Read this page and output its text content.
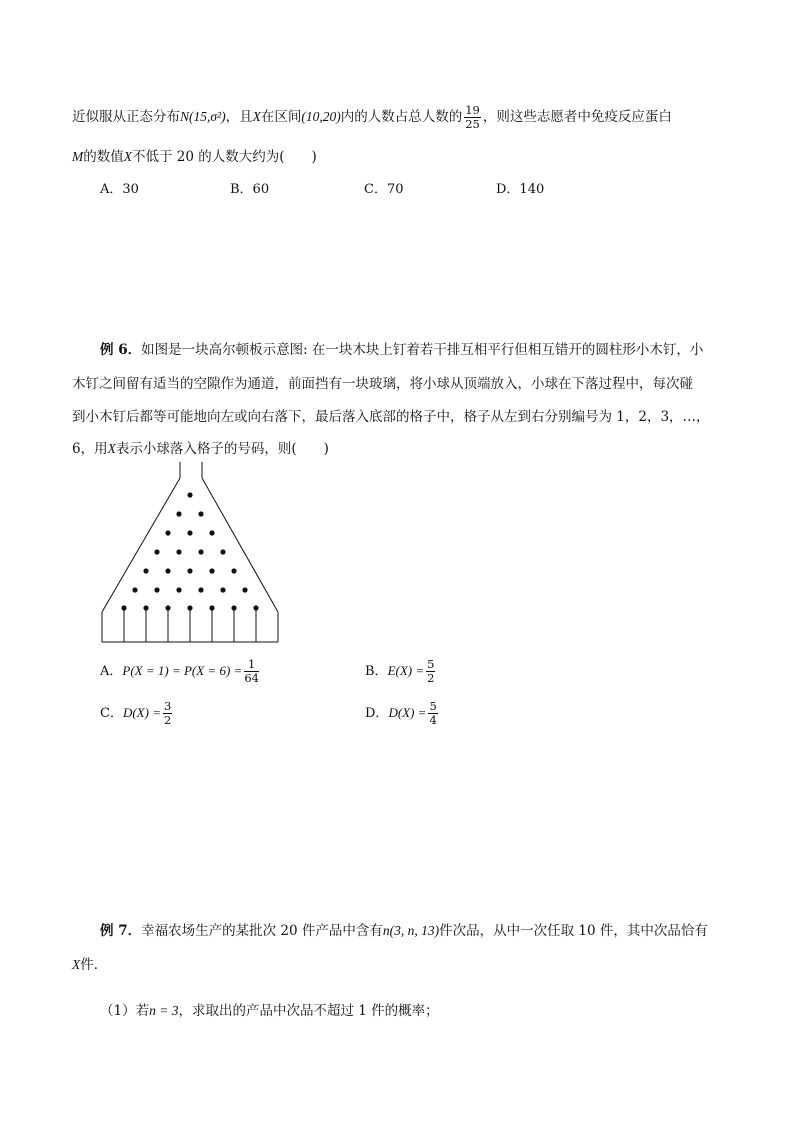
近似服从正态分布N(15,σ²)，且X在区间(10,20)内的人数占总人数的 $\frac{19}{25}$ ，则这些志愿者中免疫反应蛋白
M的数值X不低于 20 的人数大约为(　　)
A．30	B．60	C．70	D．140
例 6．如图是一块高尔顿板示意图: 在一块木块上钉着若干排互相平行但相互错开的圆柱形小木钉，小
木钉之间留有适当的空隙作为通道，前面挡有一块玻璃，将小球从顶端放入，小球在下落过程中，每次碰
到小木钉后都等可能地向左或向右落下，最后落入底部的格子中，格子从左到右分别编号为 1，2，3，…，
6，用X表示小球落入格子的号码，则(　　)
A．$P(X = 1) = P(X = 6) = \frac{1}{64}$	B．$E(X) = \frac{5}{2}$
C．$D(X) = \frac{3}{2}$	D．$D(X) = \frac{5}{4}$
例 7．幸福农场生产的某批次 20 件产品中含有n(3, n, 13)件次品，从中一次任取 10 件，其中次品恰有
X件．
（1）若n = 3，求取出的产品中次品不超过 1 件的概率；
